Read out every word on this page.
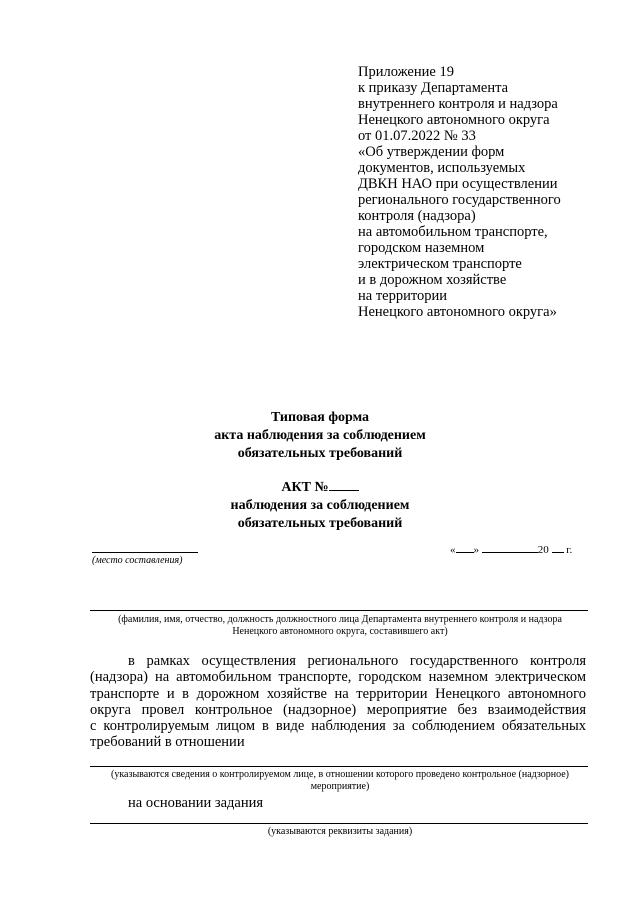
Приложение 19
к приказу Департамента
внутреннего контроля и надзора
Ненецкого автономного округа
от 01.07.2022 № 33
«Об утверждении форм
документов, используемых
ДВКН НАО при осуществлении
регионального государственного
контроля (надзора)
на автомобильном транспорте,
городском наземном
электрическом транспорте
и в дорожном хозяйстве
на территории
Ненецкого автономного округа»
Типовая форма
акта наблюдения за соблюдением
обязательных требований
АКТ №
наблюдения за соблюдением
обязательных требований
(место составления)
« »	20 г.
(фамилия, имя, отчество, должность должностного лица Департамента внутреннего контроля и надзора
Ненецкого автономного округа, составившего акт)
в рамках осуществления регионального государственного контроля
(надзора) на автомобильном транспорте, городском наземном электрическом
транспорте и в дорожном хозяйстве на территории Ненецкого автономного
округа провел контрольное (надзорное) мероприятие без взаимодействия
с контролируемым лицом в виде наблюдения за соблюдением обязательных
требований в отношении
(указываются сведения о контролируемом лице, в отношении которого проведено контрольное (надзорное)
мероприятие)
на основании задания
(указываются реквизиты задания)
